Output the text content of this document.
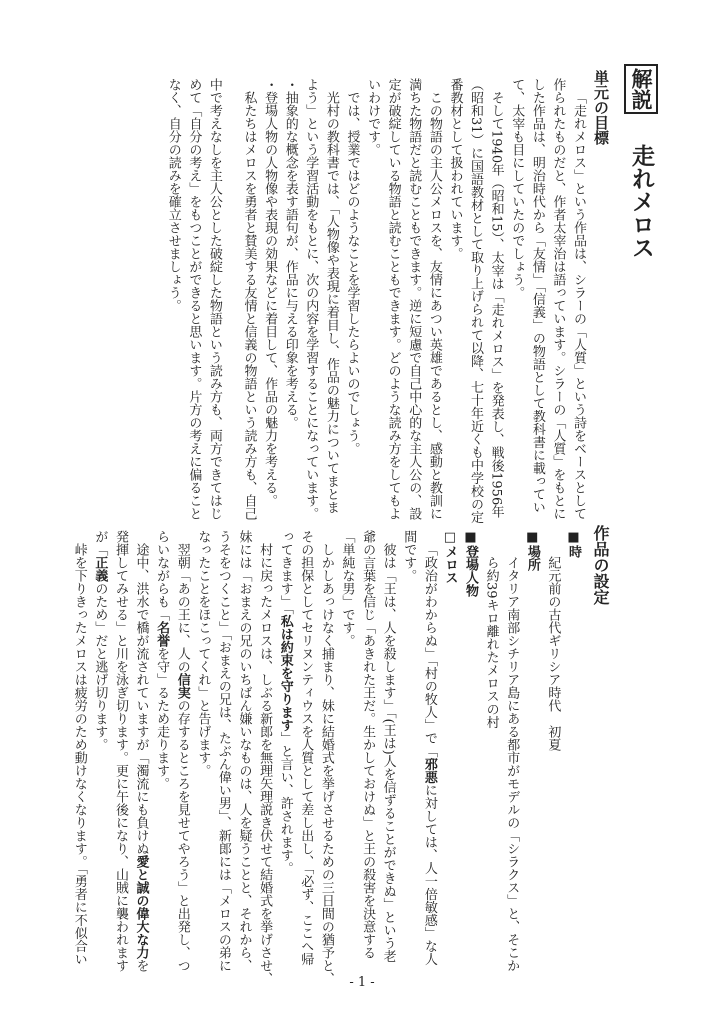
解説 走れメロス
単元の目標
「走れメロス」という作品は、シラーの「人質」という詩をベースとして
作られたものだと、作者太宰治は語っています。シラーの「人質」をもとに
した作品は、明治時代から「友情」「信義」の物語として教科書に載ってい
て、太宰も目にしていたのでしょう。
そして1940年（昭和15）、太宰は「走れメロス」を発表し、戦後1956年
（昭和31）に国語教材として取り上げられて以降、七十年近くも中学校の定
番教材として扱われています。
この物語の主人公メロスを、友情にあつい英雄であるとし、感動と教訓に
満ちた物語だと読むこともできます。逆に短慮で自己中心的な主人公の、設
定が破綻している物語と読むこともできます。どのような読み方をしてもよ
いわけです。
では、授業ではどのようなことを学習したらよいのでしょう。
光村の教科書では、「人物像や表現に着目し、作品の魅力についてまとま
よう」という学習活動をもとに、次の内容を学習することになっています。
・抽象的な概念を表す語句が、作品に与える印象を考える。
・登場人物の人物像や表現の効果などに着目して、作品の魅力を考える。
私たちはメロスを勇者と賛美する友情と信義の物語という読み方も、自己
中で考えなしを主人公とした破綻した物語という読み方も、両方できてはじ
めて「自分の考え」をもつことができると思います。片方の考えに偏ること
なく、自分の読みを確立させましょう。
作品の設定
■時
紀元前の古代ギリシア時代　初夏
■場所
イタリア南部シチリア島にある都市がモデルの「シラクス」と、そこか
ら約39キロ離れたメロスの村
■登場人物
□メロス
「政治がわからぬ」「村の牧人」で「邪悪に対しては、人一倍敏感」な人
間です。
彼は「王は、人を殺します」「(王は)人を信ずることができぬ」という老
爺の言葉を信じ「あきれた王だ。生かしておけぬ」と王の殺害を決意する
「単純な男」です。
しかしあっけなく捕まり、妹に結婚式を挙げさせるための三日間の猶予と、
その担保としてセリヌンティウスを人質として差し出し、「必ず、ここへ帰
ってきます」「私は約束を守ります」と言い、許されます。
村に戻ったメロスは、しぶる新郎を無理矢理説き伏せて結婚式を挙げさせ、
妹には「おまえの兄のいちばん嫌いなものは、人を疑うことと、それから、
うそをつくこと」「おまえの兄は、たぶん偉い男」、新郎には「メロスの弟に
なったことをほこってくれ」と告げます。
翌朝「あの王に、人の信実の存するところを見せてやろう」と出発し、つ
らいながらも「名誉を守」るため走ります。
途中、洪水で橋が流されていますが「濁流にも負けぬ愛と誠の偉大な力を
発揮してみせる」と川を泳ぎ切ります。更に午後になり、山賊に襲われます
が「正義のため」だと逃げ切ります。
峠を下りきったメロスは疲労のため動けなくなります。「勇者に不似合い
- 1 -
